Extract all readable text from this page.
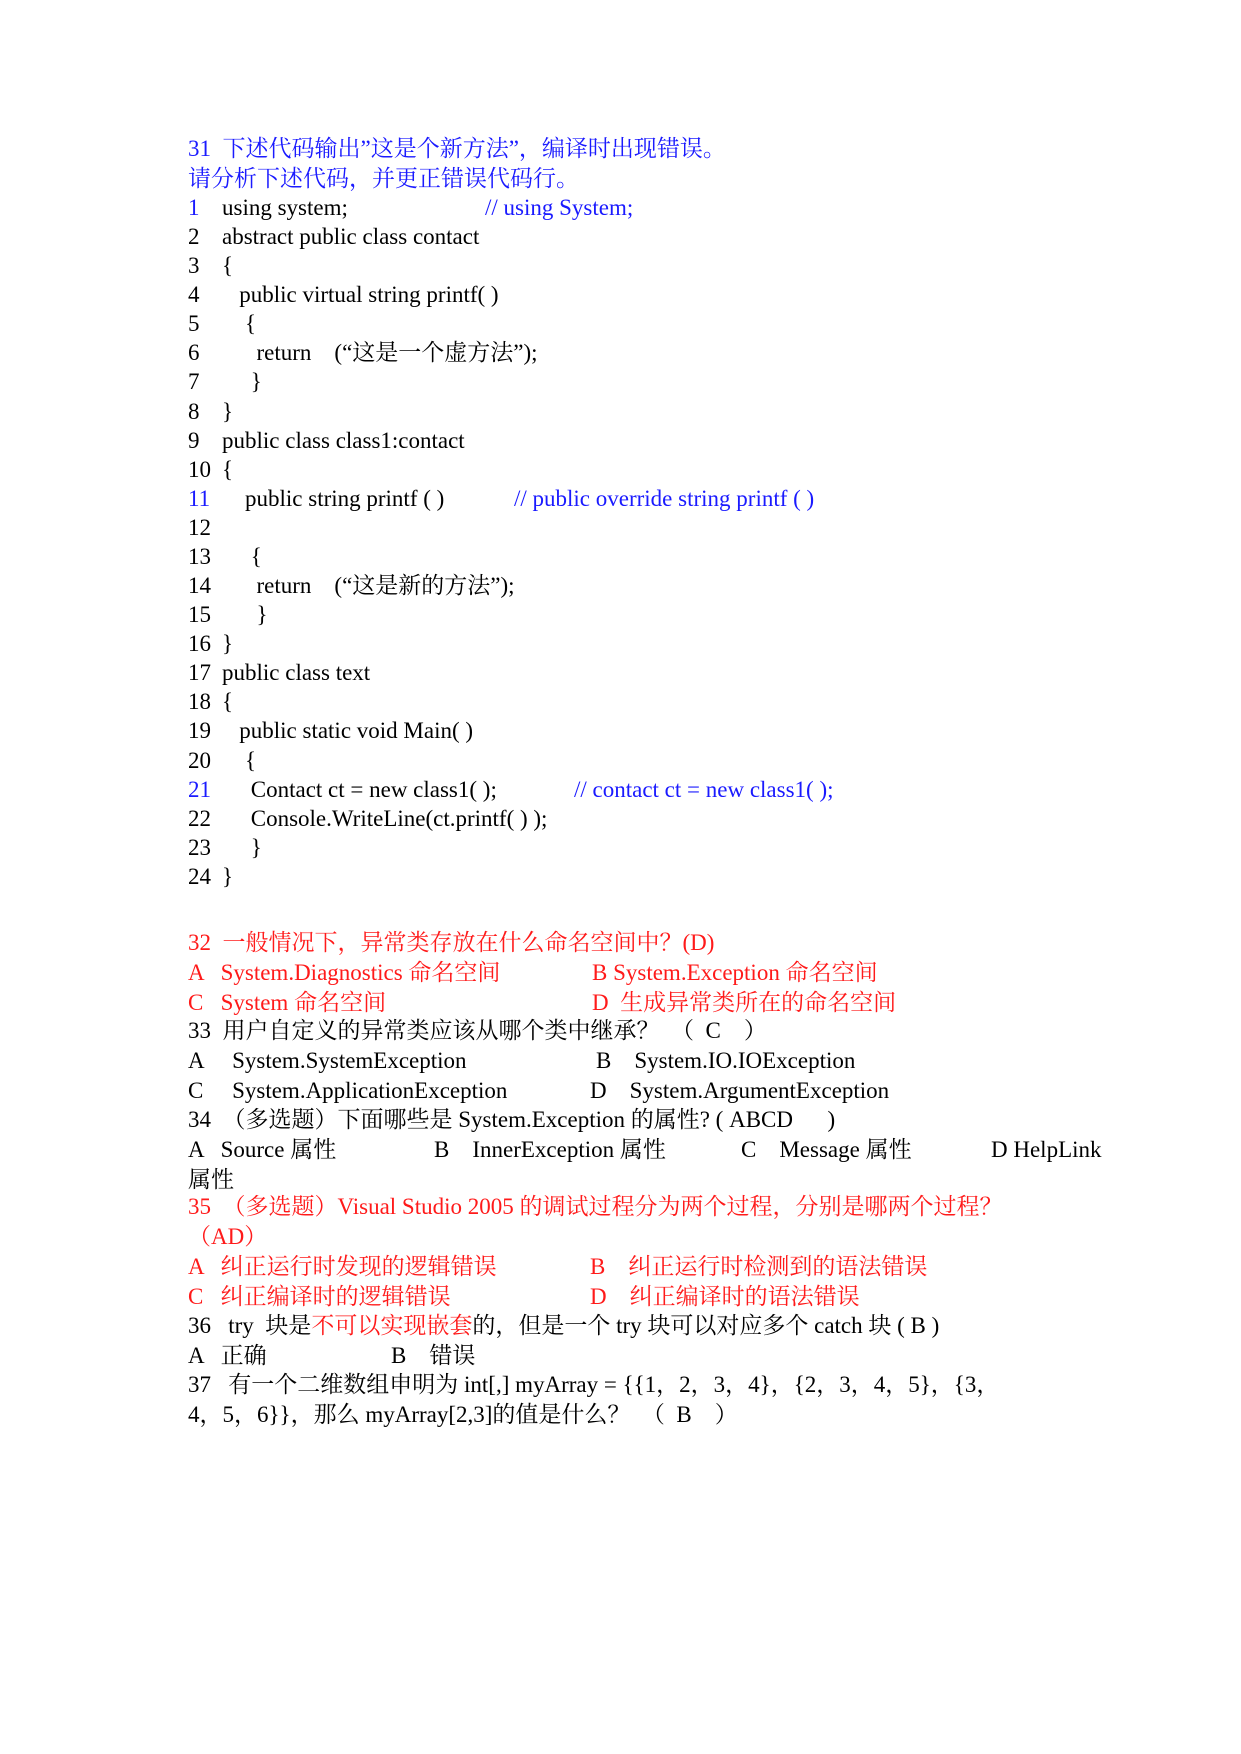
31  下述代码输出”这是个新方法”，编译时出现错误。
请分析下述代码，并更正错误代码行。
1 using system;	// using System;
2 abstract public class contact
3 {
4 public virtual string printf( )
5 {
6 return    (“这是一个虚方法”);
7 }
8 }
9 public class class1:contact
10 {
11 public string printf ( )	// public override string printf ( )
12
13 {
14 return    (“这是新的方法”);
15 }
16 }
17 public class text
18 {
19 public static void Main( )
20 {
21 Contact ct = new class1( );	// contact ct = new class1( );
22 Console.WriteLine(ct.printf( ) );
23 }
24 }
32  一般情况下，异常类存放在什么命名空间中？(D)

A   System.Diagnostics 命名空间

	B System.Exception 命名空间

C   System 命名空间

	D  生成异常类所在的命名空间

33  用户自定义的异常类应该从哪个类中继承？  （  C    ）

A     System.SystemException

	B    System.IO.IOException

C     System.ApplicationException

	D    System.ArgumentException

34  （多选题）下面哪些是 System.Exception 的属性? ( ABCD      )

A   Source 属性

	B    InnerException 属性

	C    Message 属性

	D HelpLink

属性
35  （多选题）Visual Studio 2005 的调试过程分为两个过程，分别是哪两个过程？
（AD）

A   纠正运行时发现的逻辑错误

	B    纠正运行时检测到的语法错误

C   纠正编译时的逻辑错误

	D    纠正编译时的语法错误

36   try  块是不可以实现嵌套的，但是一个 try 块可以对应多个 catch 块 ( B )

A   正确

	B    错误

37   有一个二维数组申明为 int[,] myArray = {{1，2，3，4}，{2，3，4，5}，{3，
4，5，6}}，那么 myArray[2,3]的值是什么？  （  B    ）
